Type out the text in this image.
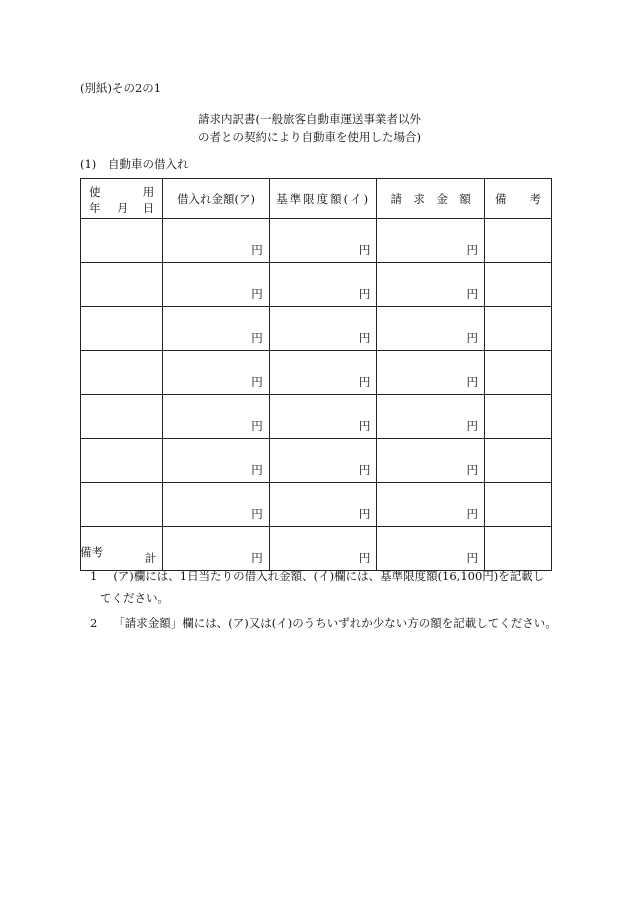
(別紙)その2の1
請求内訳書(一般旅客自動車運送事業者以外
の者との契約により自動車を使用した場合)
(1) 自動車の借入れ
使 用
年 月 日	借入れ金額(ア)	基準限度額(イ)	請　求　金　額	備　　考
	円	円	円	
	円	円	円	
	円	円	円	
	円	円	円	
	円	円	円	
	円	円	円	
	円	円	円	
計	円	円	円	
備考
1 (ア)欄には、1日当たりの借入れ金額、(イ)欄には、基準限度額(16,100円)を記載し
てください。
2 「請求金額」欄には、(ア)又は(イ)のうちいずれか少ない方の額を記載してください。
